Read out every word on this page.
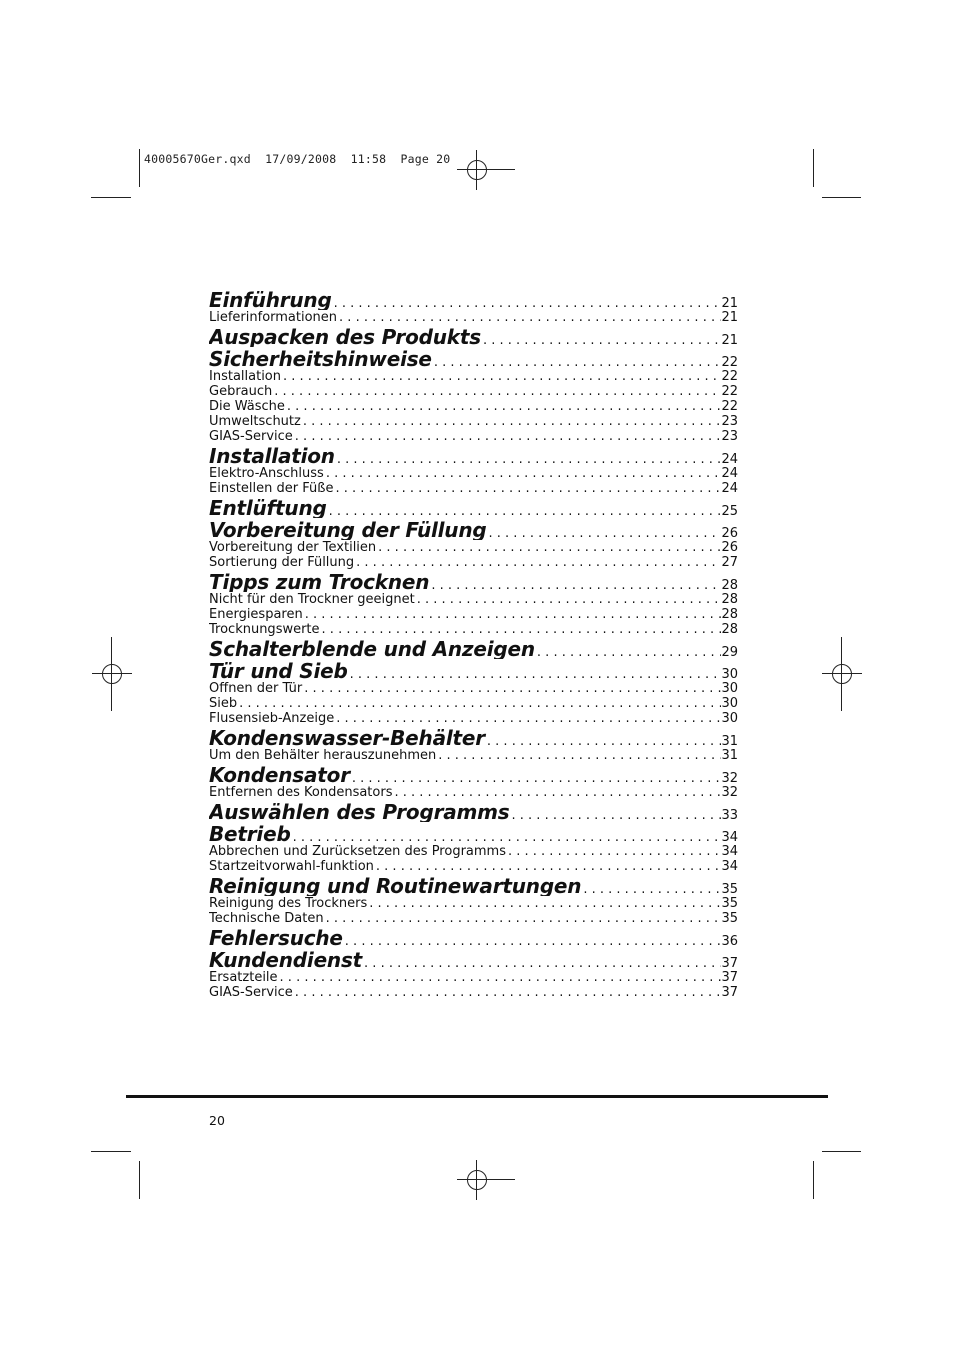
40005670Ger.qxd  17/09/2008  11:58  Page 20
Einführung . . .	21
Lieferinformationen . . .	21
Auspacken des Produkts . . .	21
Sicherheitshinweise . . .	22
Installation . . .	22
Gebrauch . . .	22
Die Wäsche . . .	22
Umweltschutz . . .	23
GIAS-Service . . .	23
Installation . . .	24
Elektro-Anschluss . . .	24
Einstellen der Füße . . .	24
Entlüftung . . .	25
Vorbereitung der Füllung . . .	26
Vorbereitung der Textilien . . .	26
Sortierung der Füllung . . .	27
Tipps zum Trocknen . . .	28
Nicht für den Trockner geeignet . . .	28
Energiesparen . . .	28
Trocknungswerte . . .	28
Schalterblende und Anzeigen . . .	29
Tür und Sieb . . .	30
Öffnen der Tür . . .	30
Sieb . . .	30
Flusensieb-Anzeige . . .	30
Kondenswasser-Behälter . . .	31
Um den Behälter herauszunehmen . . .	31
Kondensator . . .	32
Entfernen des Kondensators . . .	32
Auswählen des Programms . . .	33
Betrieb . . .	34
Abbrechen und Zurücksetzen des Programms . . .	34
Startzeitvorwahl-funktion . . .	34
Reinigung und Routinewartungen . . .	35
Reinigung des Trockners . . .	35
Technische Daten . . .	35
Fehlersuche . . .	36
Kundendienst . . .	37
Ersatzteile . . .	37
GIAS-Service . . .	37
20
